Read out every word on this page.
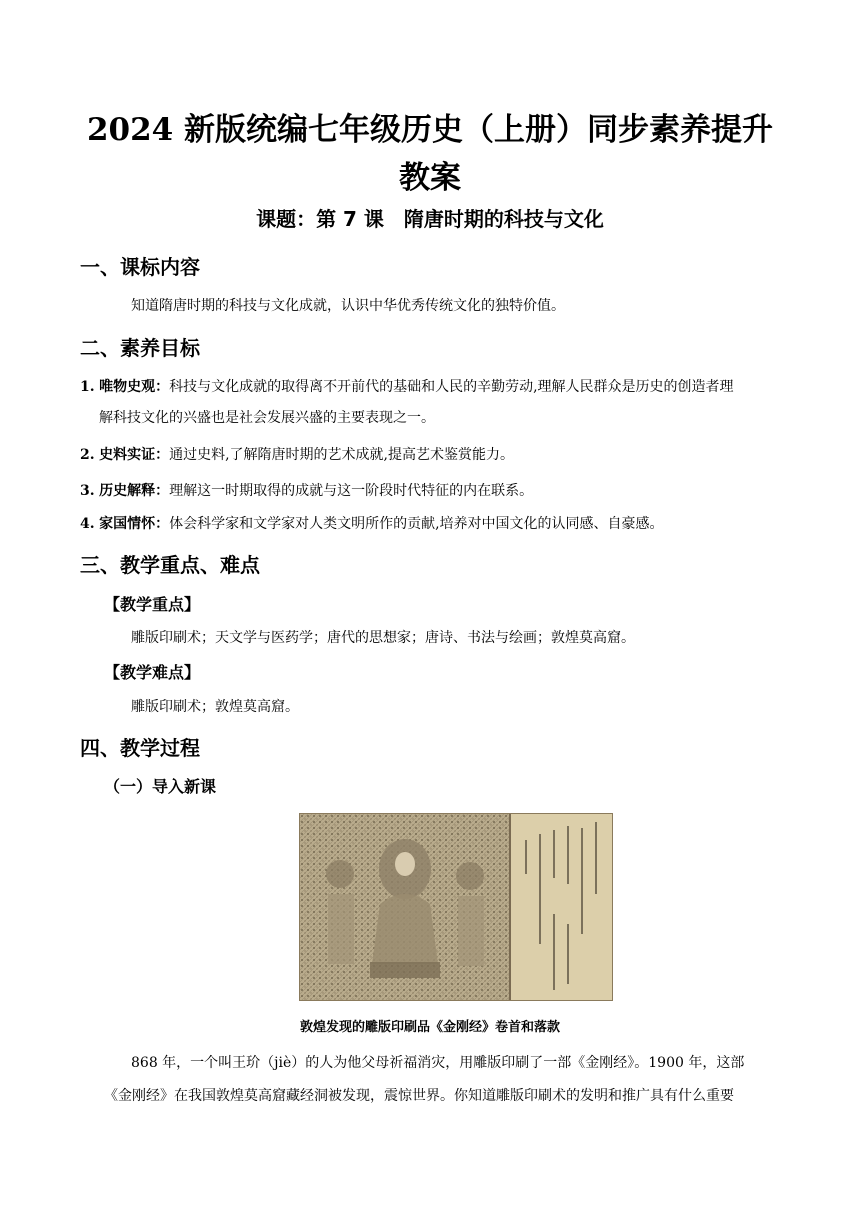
2024 新版统编七年级历史（上册）同步素养提升
教案
课题：第 7 课　隋唐时期的科技与文化
一、课标内容

知道隋唐时期的科技与文化成就，认识中华优秀传统文化的独特价值。

二、素养目标

1. 唯物史观：科技与文化成就的取得离不开前代的基础和人民的辛勤劳动,理解人民群众是历史的创造者理

解科技文化的兴盛也是社会发展兴盛的主要表现之一。

2. 史料实证：通过史料,了解隋唐时期的艺术成就,提高艺术鉴赏能力。

3. 历史解释：理解这一时期取得的成就与这一阶段时代特征的内在联系。

4. 家国情怀：体会科学家和文学家对人类文明所作的贡献,培养对中国文化的认同感、自豪感。

三、教学重点、难点

【教学重点】

雕版印刷术；天文学与医药学；唐代的思想家；唐诗、书法与绘画；敦煌莫高窟。

【教学难点】

雕版印刷术；敦煌莫高窟。

四、教学过程

（一）导入新课

敦煌发现的雕版印刷品《金刚经》卷首和落款

868 年，一个叫王玠（jiè）的人为他父母祈福消灾，用雕版印刷了一部《金刚经》。1900 年，这部

《金刚经》在我国敦煌莫高窟藏经洞被发现，震惊世界。你知道雕版印刷术的发明和推广具有什么重要
